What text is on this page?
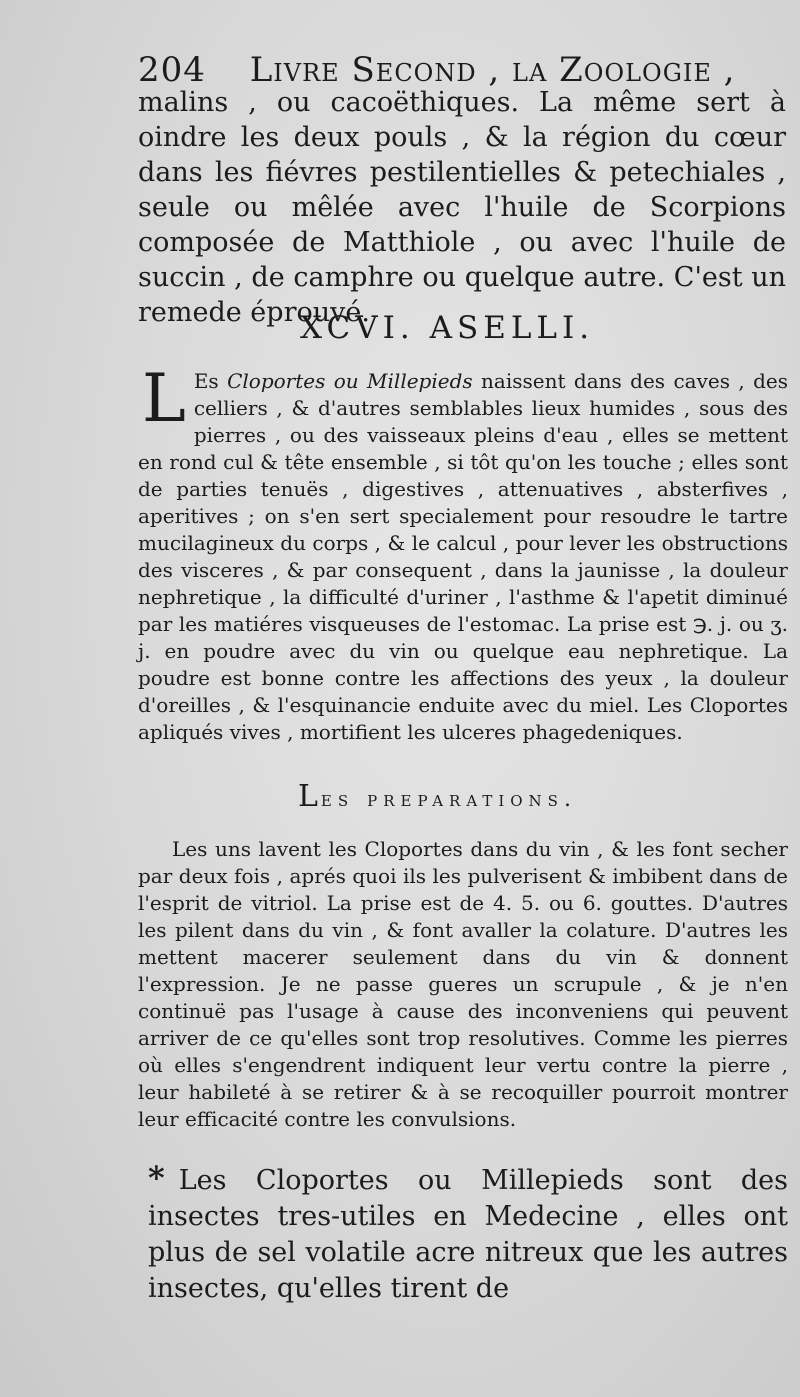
204 Livre Second , la Zoologie ,
malins , ou cacoëthiques. La même sert à oindre les deux pouls , & la région du cœur dans les fiévres pestilentielles & petechiales , seule ou mêlée avec l'huile de Scorpions composée de Matthiole , ou avec l'huile de succin , de camphre ou quelque autre. C'est un remede éprouvé.
XCVI. ASELLI.
L Es Cloportes ou Millepieds naissent dans des caves , des celliers , & d'autres semblables lieux humides , sous des pierres , ou des vaisseaux pleins d'eau , elles se mettent en rond cul & tête ensemble , si tôt qu'on les touche ; elles sont de parties tenuës , digestives , attenuatives , absterfives , aperitives ; on s'en sert specialement pour resoudre le tartre mucilagineux du corps , & le calcul , pour lever les obstructions des visceres , & par consequent , dans la jaunisse , la douleur nephretique , la difficulté d'uriner , l'asthme & l'apetit diminué par les matiéres visqueuses de l'estomac. La prise est ℈. j. ou ʒ. j. en poudre avec du vin ou quelque eau nephretique. La poudre est bonne contre les affections des yeux , la douleur d'oreilles , & l'esquinancie enduite avec du miel. Les Cloportes apliqués vives , mortifient les ulceres phagedeniques.
Les preparations.
Les uns lavent les Cloportes dans du vin , & les font secher par deux fois , aprés quoi ils les pulverisent & imbibent dans de l'esprit de vitriol. La prise est de 4. 5. ou 6. gouttes. D'autres les pilent dans du vin , & font avaller la colature. D'autres les mettent macerer seulement dans du vin & donnent l'expression. Je ne passe gueres un scrupule , & je n'en continuë pas l'usage à cause des inconveniens qui peuvent arriver de ce qu'elles sont trop resolutives. Comme les pierres où elles s'engendrent indiquent leur vertu contre la pierre , leur habileté à se retirer & à se recoquiller pourroit montrer leur efficacité contre les convulsions.
* Les Cloportes ou Millepieds sont des insectes tres-utiles en Medecine , elles ont plus de sel volatile acre nitreux que les autres insectes, qu'elles tirent de
